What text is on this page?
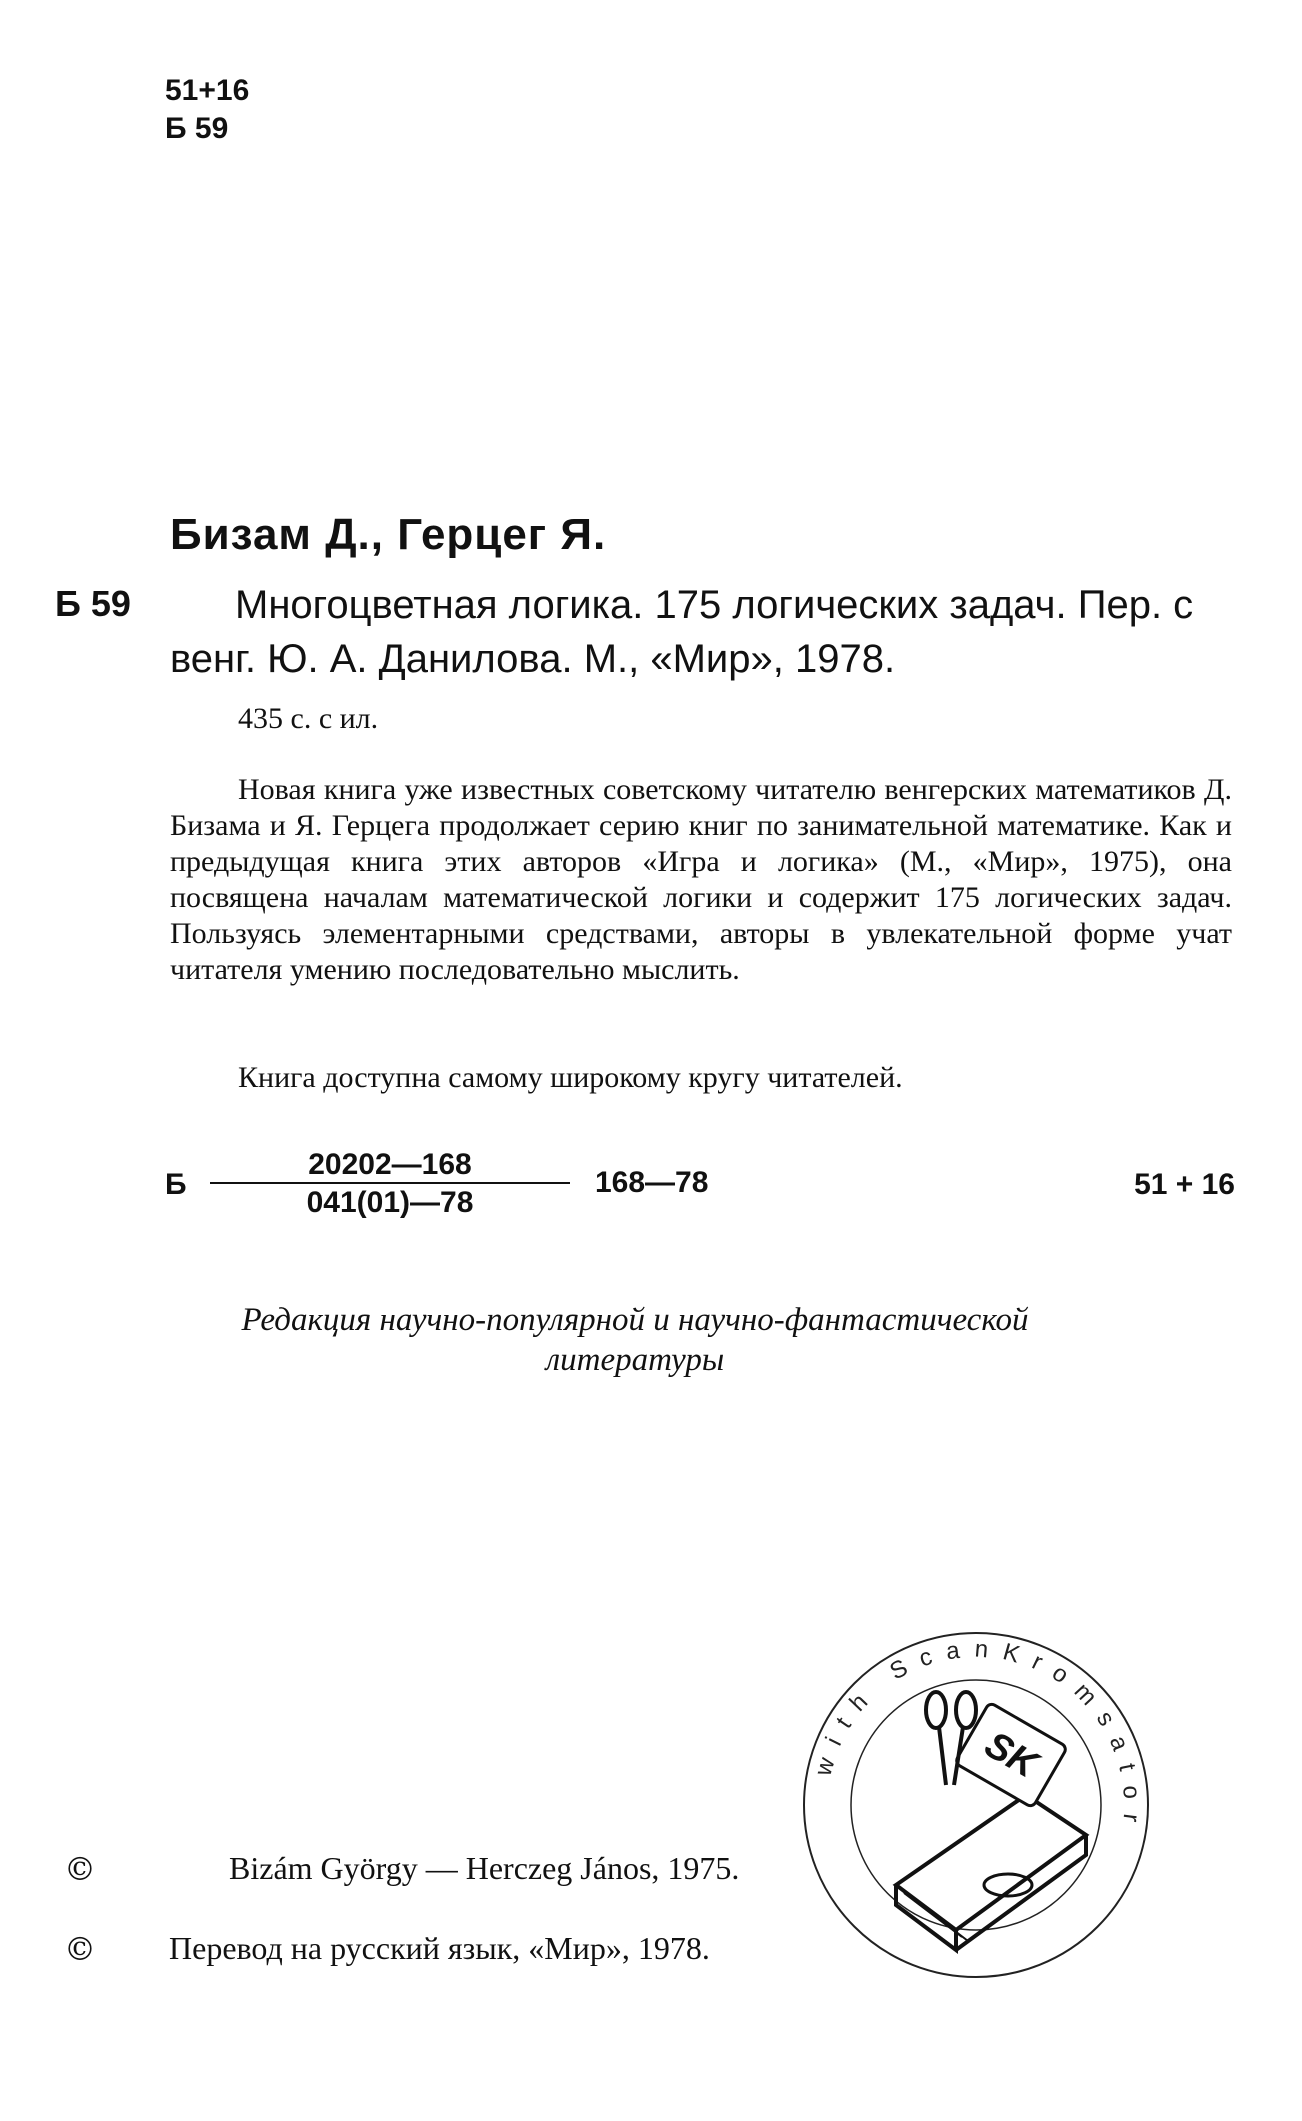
51+16
Б 59
Бизам Д., Герцег Я.
Б 59	Многоцветная логика. 175 логических задач. Пер. с венг. Ю. А. Данилова. М., «Мир», 1978.
435 с. с ил.

Новая книга уже известных советскому читателю венгерских математиков Д. Бизама и Я. Герцега продолжает серию книг по занимательной математике. Как и предыдущая книга этих авторов «Игра и логика» (М., «Мир», 1975), она посвящена началам математической логики и содержит 175 логических задач. Пользуясь элементарными средствами, авторы в увлекательной форме учат читателя умению последовательно мыслить.

Книга доступна самому широкому кругу читателей.
Б $\frac{20202—168}{041(01)—78}$ 168—78	51 + 16
Редакция научно-популярной и научно-фантастической литературы
©	Bizám György — Herczeg János, 1975.
© Перевод на русский язык, «Мир», 1978.
with ScanKromsator
SK
